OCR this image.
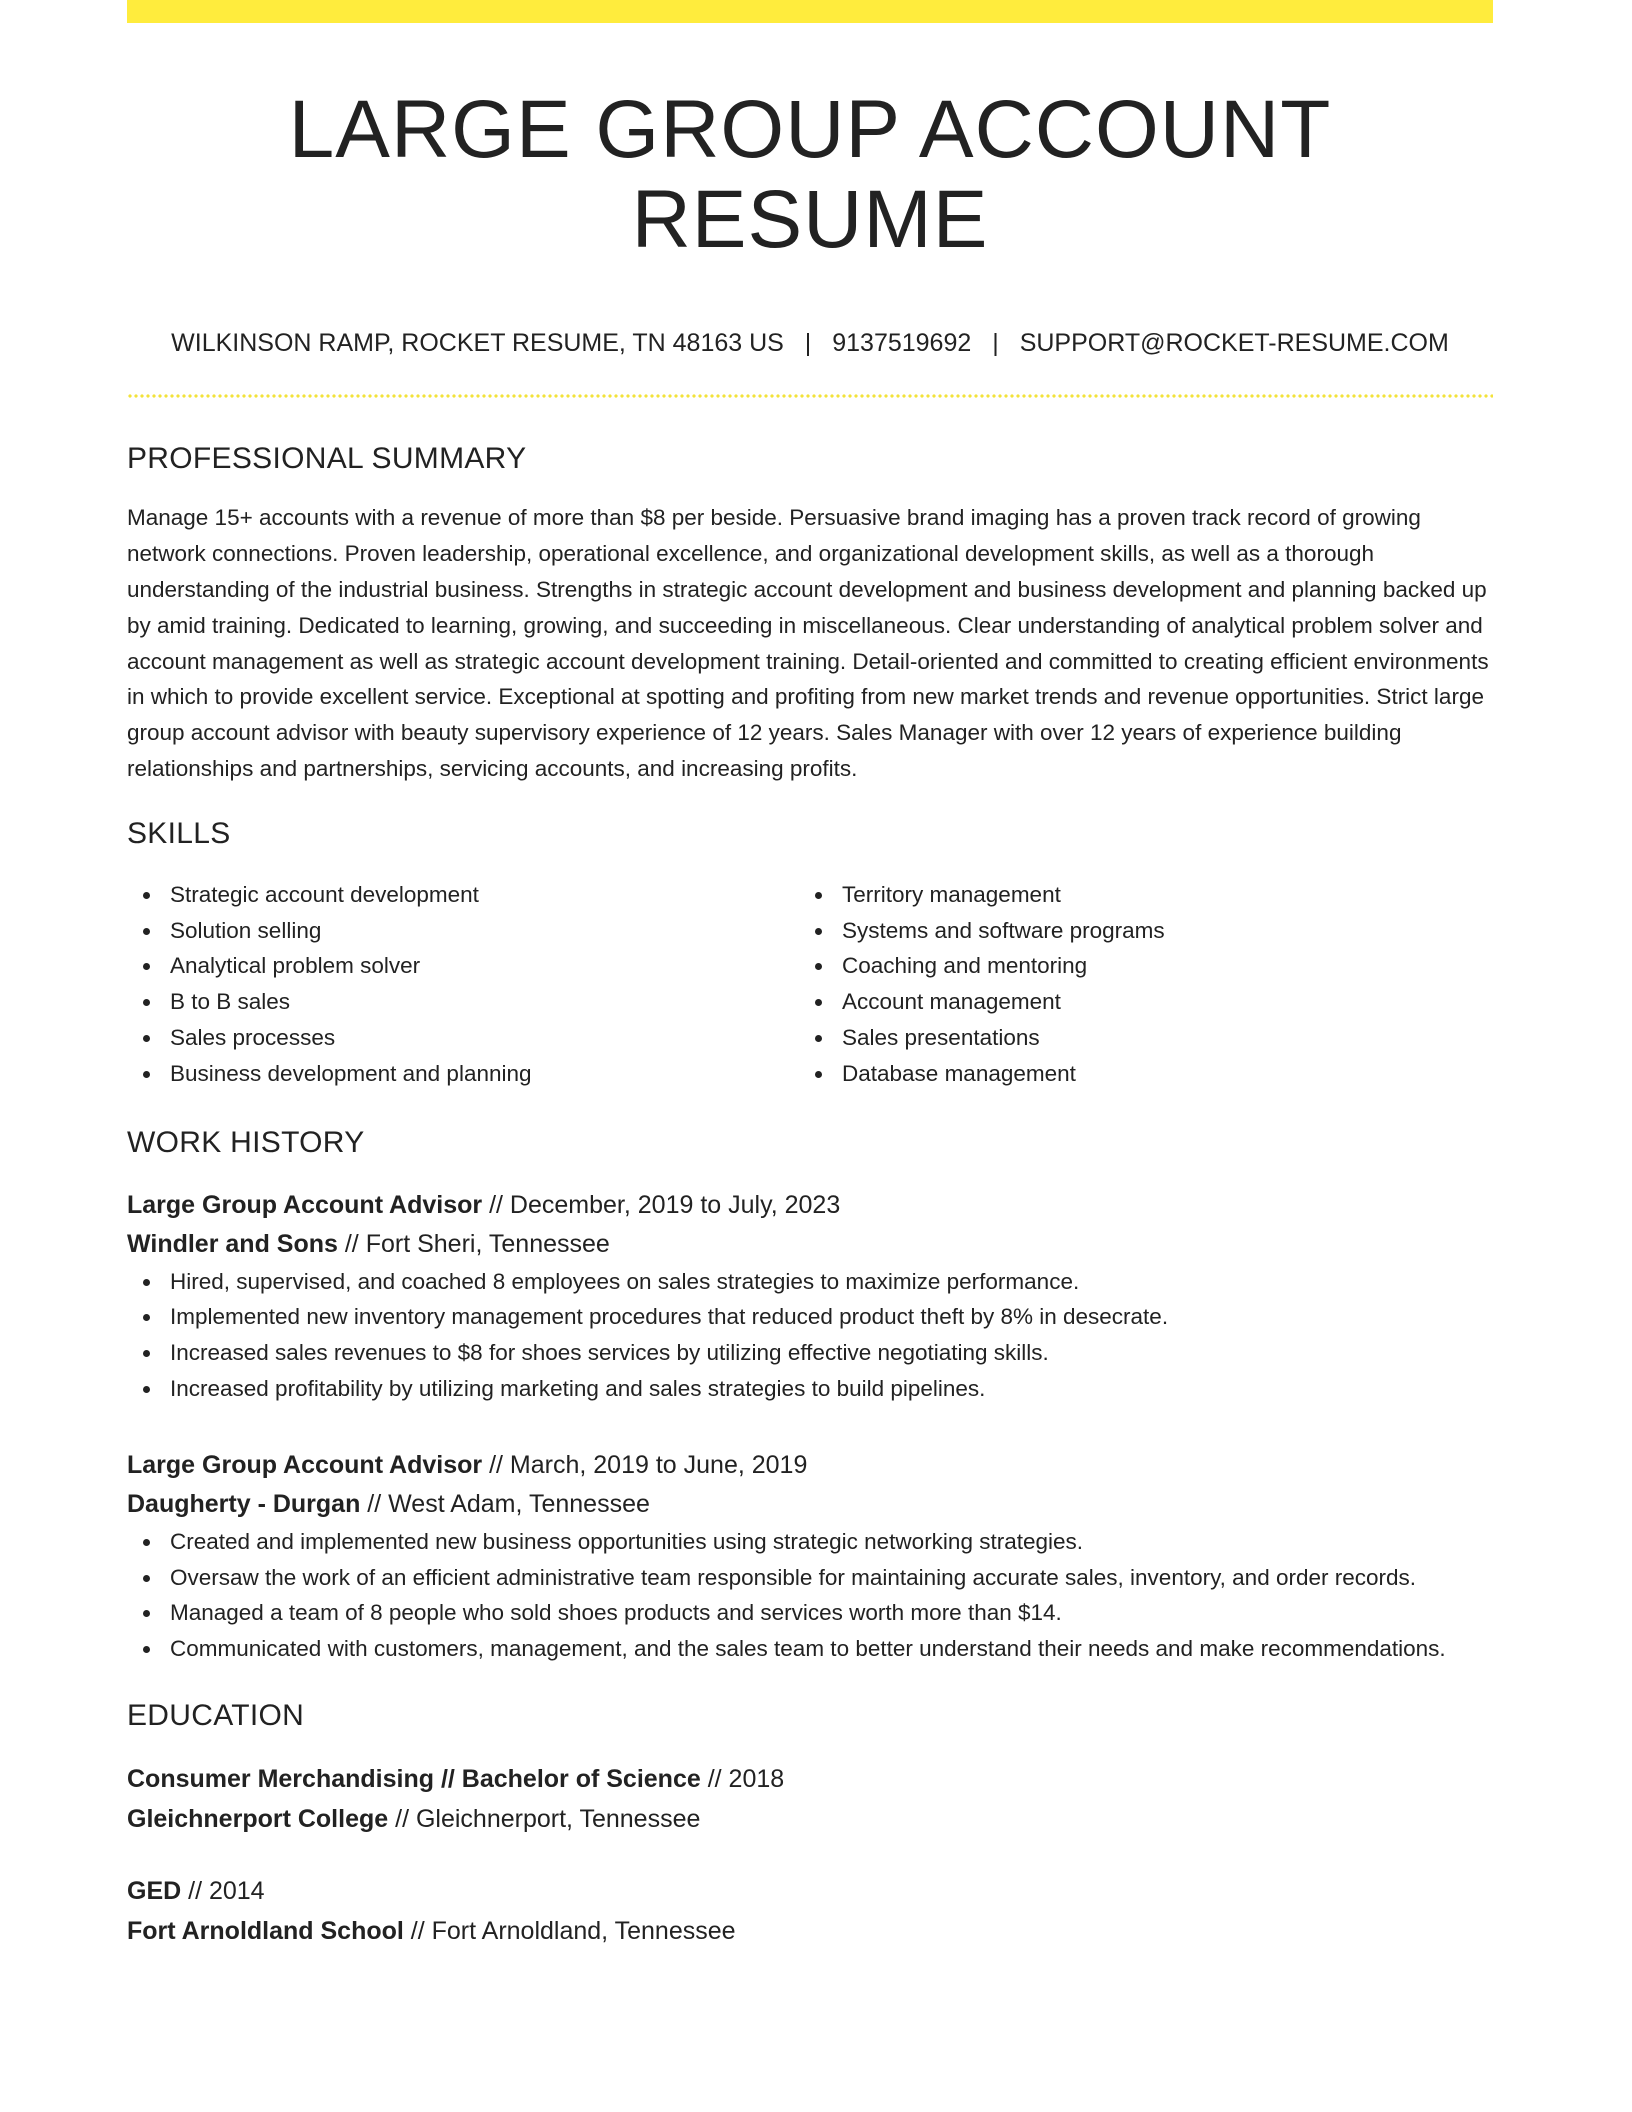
LARGE GROUP ACCOUNT RESUME
WILKINSON RAMP, ROCKET RESUME, TN 48163 US | 9137519692 | SUPPORT@ROCKET-RESUME.COM
PROFESSIONAL SUMMARY
Manage 15+ accounts with a revenue of more than $8 per beside. Persuasive brand imaging has a proven track record of growing network connections. Proven leadership, operational excellence, and organizational development skills, as well as a thorough understanding of the industrial business. Strengths in strategic account development and business development and planning backed up by amid training. Dedicated to learning, growing, and succeeding in miscellaneous. Clear understanding of analytical problem solver and account management as well as strategic account development training. Detail-oriented and committed to creating efficient environments in which to provide excellent service. Exceptional at spotting and profiting from new market trends and revenue opportunities. Strict large group account advisor with beauty supervisory experience of 12 years. Sales Manager with over 12 years of experience building relationships and partnerships, servicing accounts, and increasing profits.
SKILLS
Strategic account development
Solution selling
Analytical problem solver
B to B sales
Sales processes
Business development and planning
Territory management
Systems and software programs
Coaching and mentoring
Account management
Sales presentations
Database management
WORK HISTORY
Large Group Account Advisor // December, 2019 to July, 2023
Windler and Sons // Fort Sheri, Tennessee
Hired, supervised, and coached 8 employees on sales strategies to maximize performance.
Implemented new inventory management procedures that reduced product theft by 8% in desecrate.
Increased sales revenues to $8 for shoes services by utilizing effective negotiating skills.
Increased profitability by utilizing marketing and sales strategies to build pipelines.
Large Group Account Advisor // March, 2019 to June, 2019
Daugherty - Durgan // West Adam, Tennessee
Created and implemented new business opportunities using strategic networking strategies.
Oversaw the work of an efficient administrative team responsible for maintaining accurate sales, inventory, and order records.
Managed a team of 8 people who sold shoes products and services worth more than $14.
Communicated with customers, management, and the sales team to better understand their needs and make recommendations.
EDUCATION
Consumer Merchandising // Bachelor of Science // 2018
Gleichnerport College // Gleichnerport, Tennessee
GED // 2014
Fort Arnoldland School // Fort Arnoldland, Tennessee
